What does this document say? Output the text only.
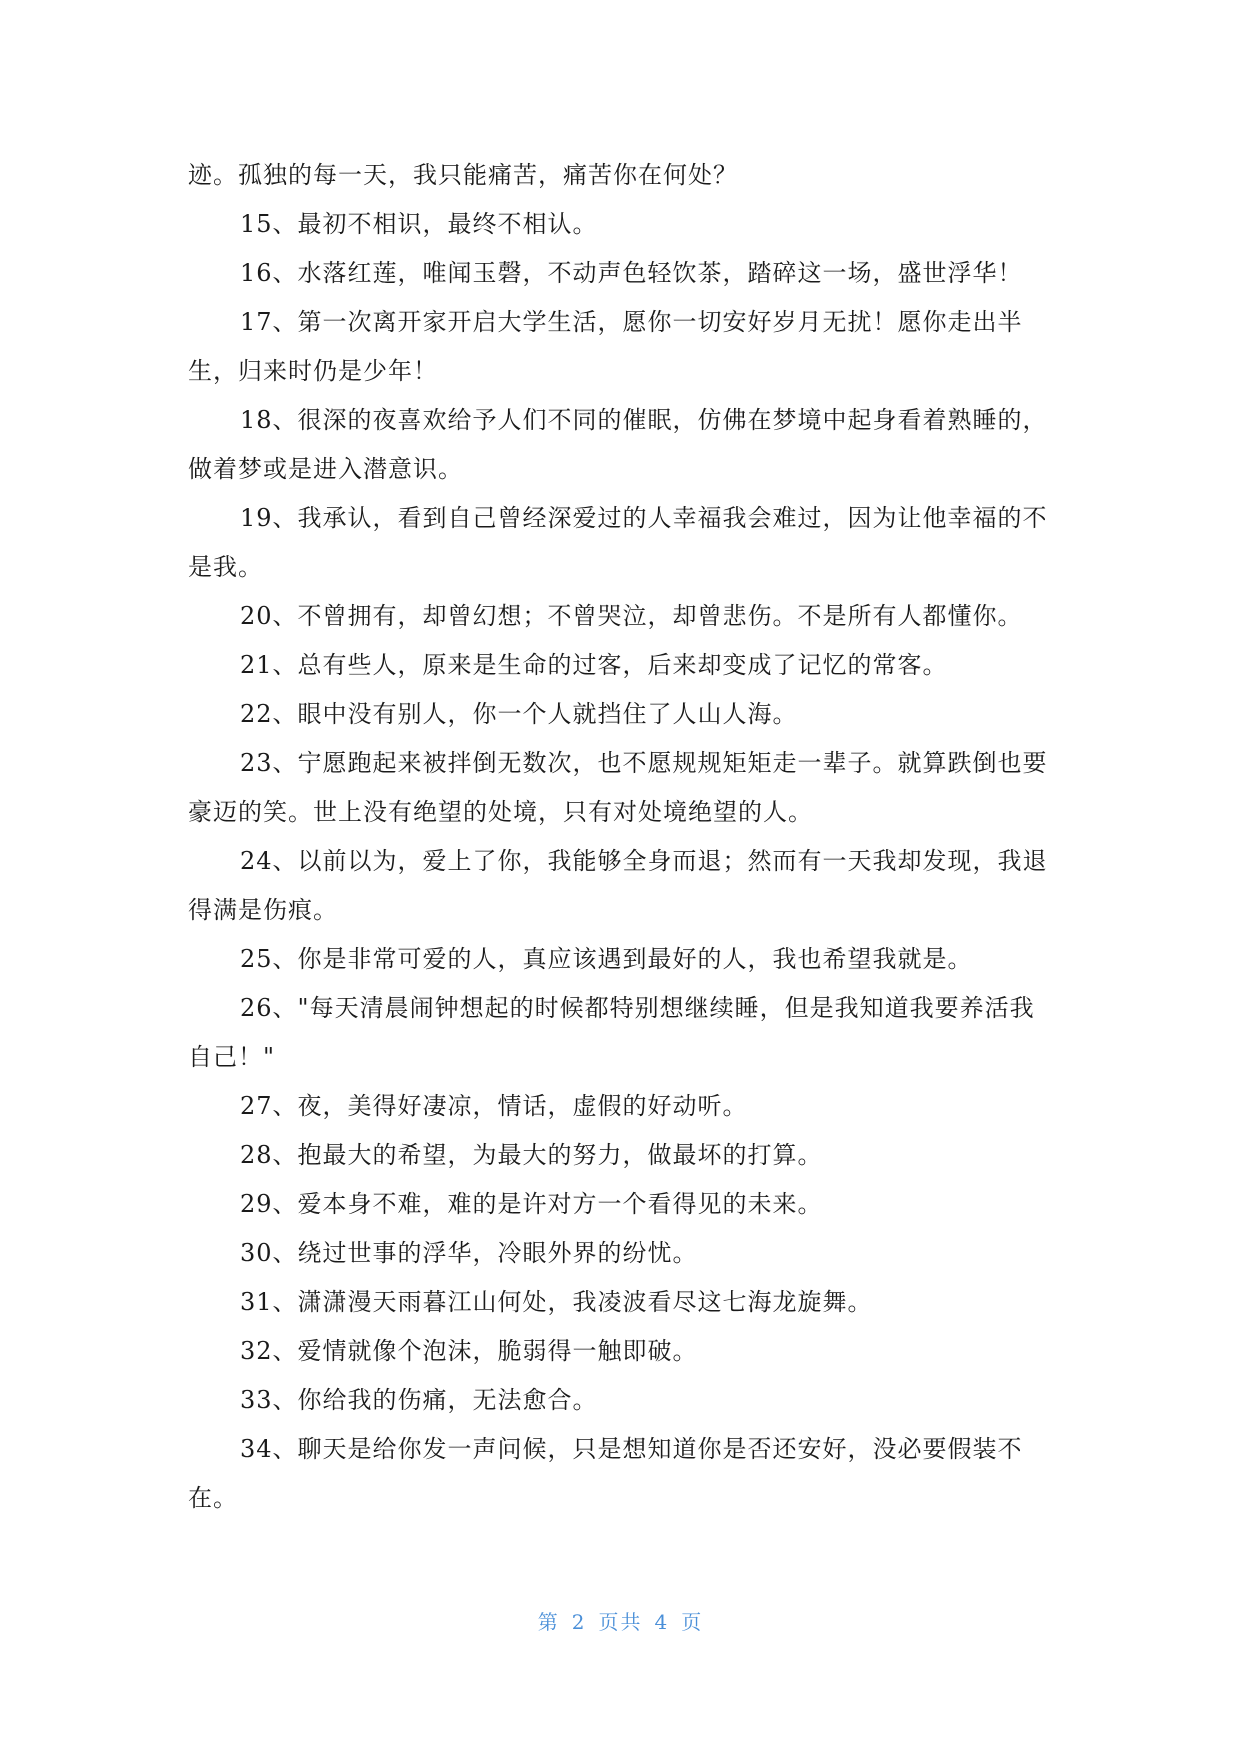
迹。孤独的每一天，我只能痛苦，痛苦你在何处？

15、最初不相识，最终不相认。

16、水落红莲，唯闻玉磬，不动声色轻饮茶，踏碎这一场，盛世浮华！

17、第一次离开家开启大学生活，愿你一切安好岁月无扰！愿你走出半生，归来时仍是少年！

18、很深的夜喜欢给予人们不同的催眠，仿佛在梦境中起身看着熟睡的，做着梦或是进入潜意识。

19、我承认，看到自己曾经深爱过的人幸福我会难过，因为让他幸福的不是我。

20、不曾拥有，却曾幻想；不曾哭泣，却曾悲伤。不是所有人都懂你。

21、总有些人，原来是生命的过客，后来却变成了记忆的常客。

22、眼中没有别人，你一个人就挡住了人山人海。

23、宁愿跑起来被拌倒无数次，也不愿规规矩矩走一辈子。就算跌倒也要豪迈的笑。世上没有绝望的处境，只有对处境绝望的人。

24、以前以为，爱上了你，我能够全身而退；然而有一天我却发现，我退得满是伤痕。

25、你是非常可爱的人，真应该遇到最好的人，我也希望我就是。

26、"每天清晨闹钟想起的时候都特别想继续睡，但是我知道我要养活我自己！"

27、夜，美得好凄凉，情话，虚假的好动听。

28、抱最大的希望，为最大的努力，做最坏的打算。

29、爱本身不难，难的是许对方一个看得见的未来。

30、绕过世事的浮华，冷眼外界的纷忧。

31、潇潇漫天雨暮江山何处，我凌波看尽这七海龙旋舞。

32、爱情就像个泡沫，脆弱得一触即破。

33、你给我的伤痛，无法愈合。

34、聊天是给你发一声问候，只是想知道你是否还安好，没必要假装不在。

第 2 页共 4 页
